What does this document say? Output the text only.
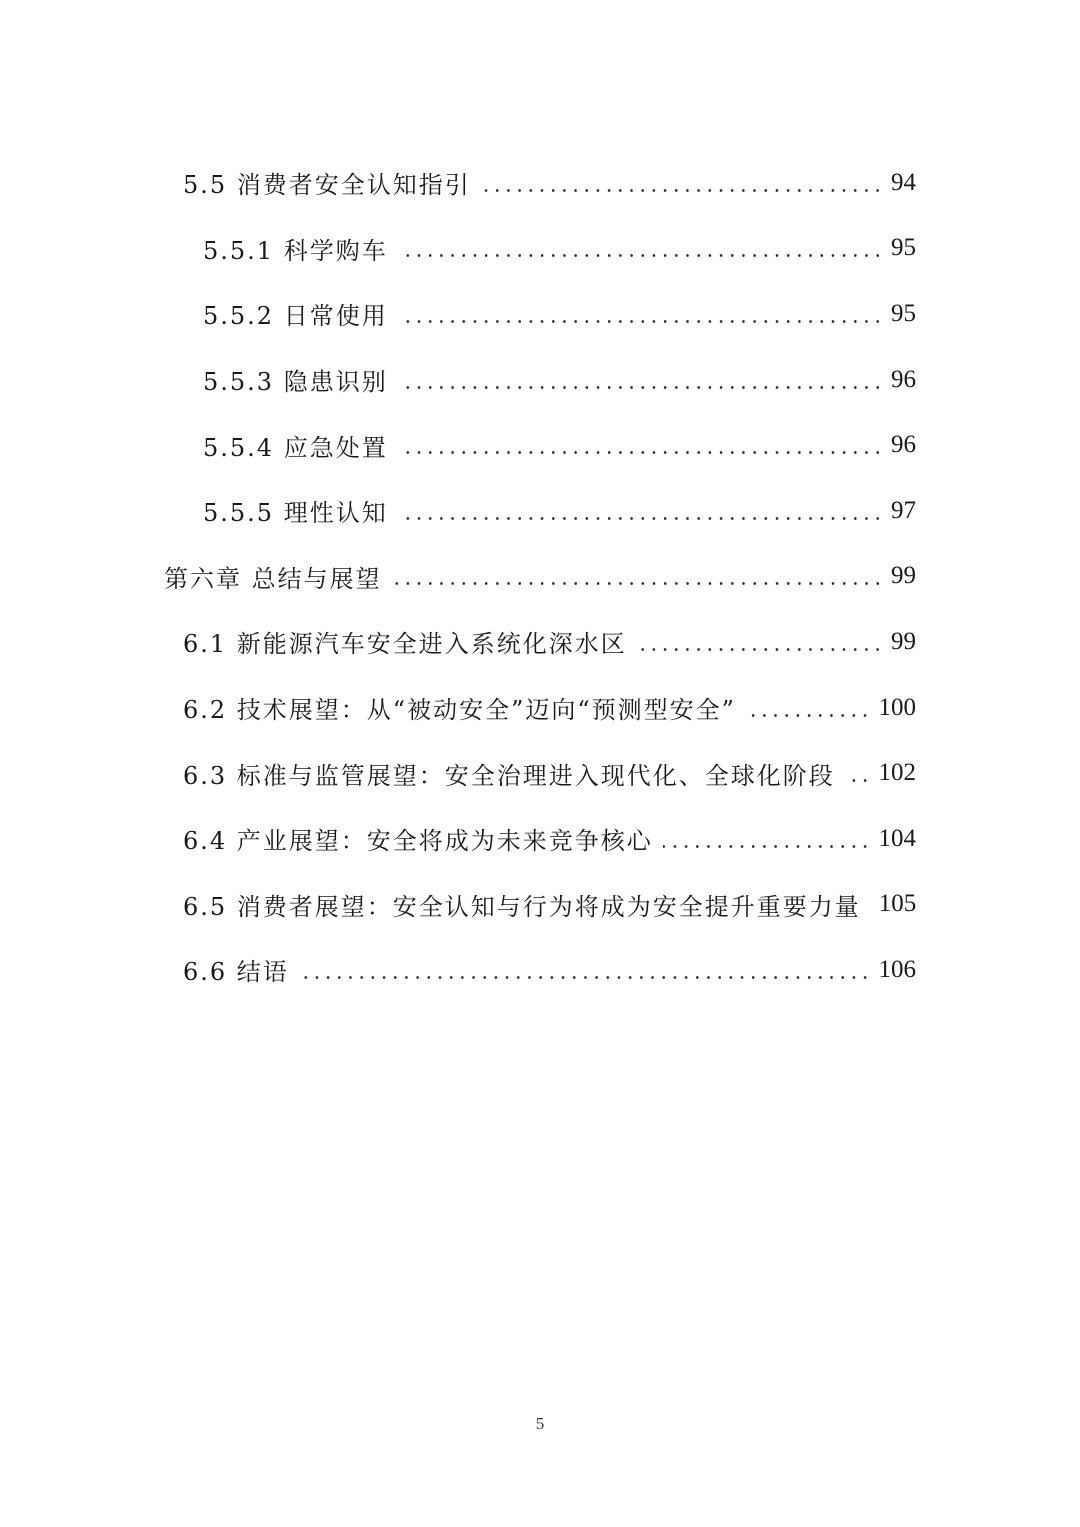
5.5 消费者安全认知指引	94
5.5.1 科学购车	95
5.5.2 日常使用	95
5.5.3 隐患识别	96
5.5.4 应急处置	96
5.5.5 理性认知	97
第六章 总结与展望	99
6.1 新能源汽车安全进入系统化深水区	99
6.2 技术展望：从“被动安全”迈向“预测型安全”	100
6.3 标准与监管展望：安全治理进入现代化、全球化阶段 102
6.4 产业展望：安全将成为未来竞争核心	104
6.5 消费者展望：安全认知与行为将成为安全提升重要力量 105
6.6 结语	106
5
